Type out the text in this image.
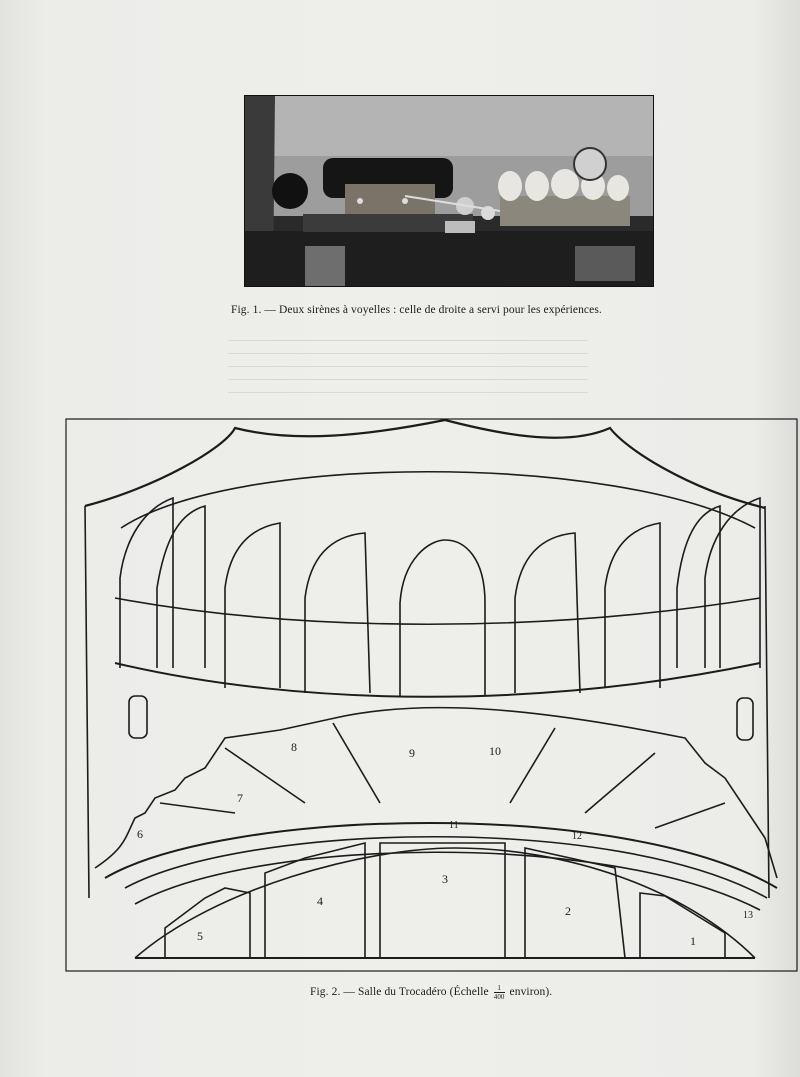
Fig. 1. — Deux sirènes à voyelles : celle de droite a servi pour les expériences.
1
2
3
4
5
6
7
8	9	10
11
12
13
Fig. 2. — Salle du Trocadéro (Échelle $\frac{1}{400}$ environ).
